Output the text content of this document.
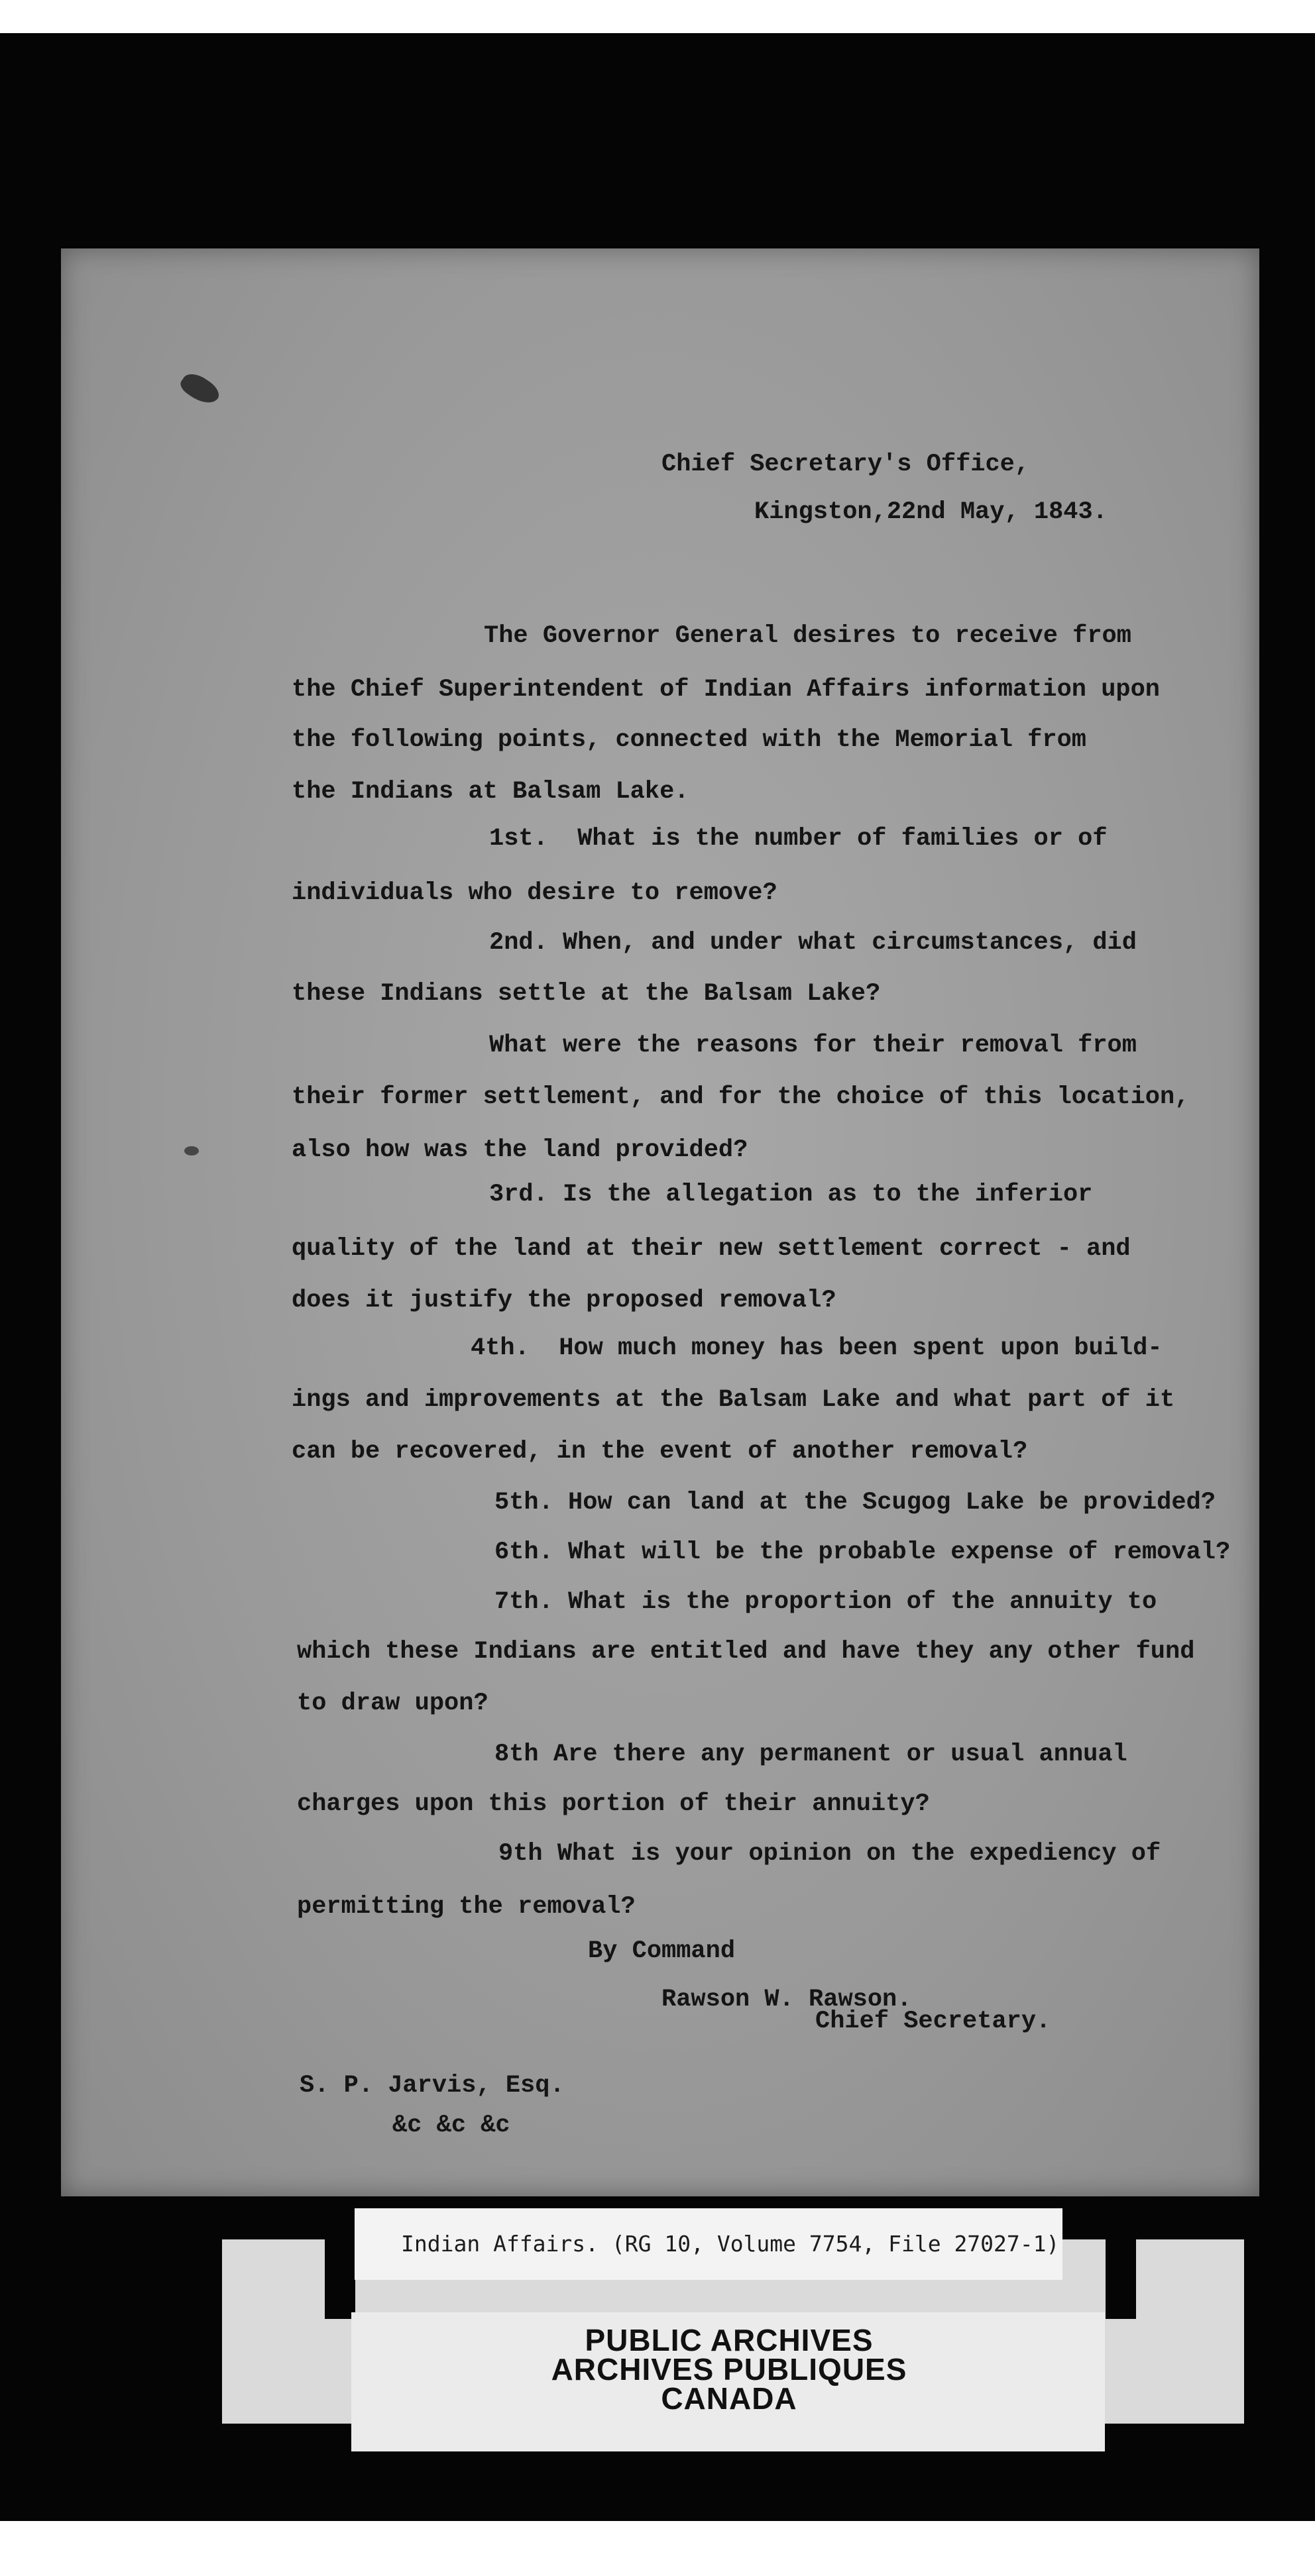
Chief Secretary's Office,

Kingston,22nd May, 1843.

The Governor General desires to receive from

the Chief Superintendent of Indian Affairs information upon

the following points, connected with the Memorial from

the Indians at Balsam Lake.

1st.  What is the number of families or of

individuals who desire to remove?

2nd. When, and under what circumstances, did

these Indians settle at the Balsam Lake?

What were the reasons for their removal from

their former settlement, and for the choice of this location,

also how was the land provided?

3rd. Is the allegation as to the inferior

quality of the land at their new settlement correct - and

does it justify the proposed removal?

4th.  How much money has been spent upon build-

ings and improvements at the Balsam Lake and what part of it

can be recovered, in the event of another removal?

5th. How can land at the Scugog Lake be provided?

6th. What will be the probable expense of removal?

7th. What is the proportion of the annuity to

which these Indians are entitled and have they any other fund

to draw upon?

8th Are there any permanent or usual annual

charges upon this portion of their annuity?

9th What is your opinion on the expediency of

permitting the removal?

By Command

Rawson W. Rawson.

Chief Secretary.

S. P. Jarvis, Esq.

&c &c &c

Indian Affairs. (RG 10, Volume 7754, File 27027-1)
PUBLIC ARCHIVES
ARCHIVES PUBLIQUES
CANADA
